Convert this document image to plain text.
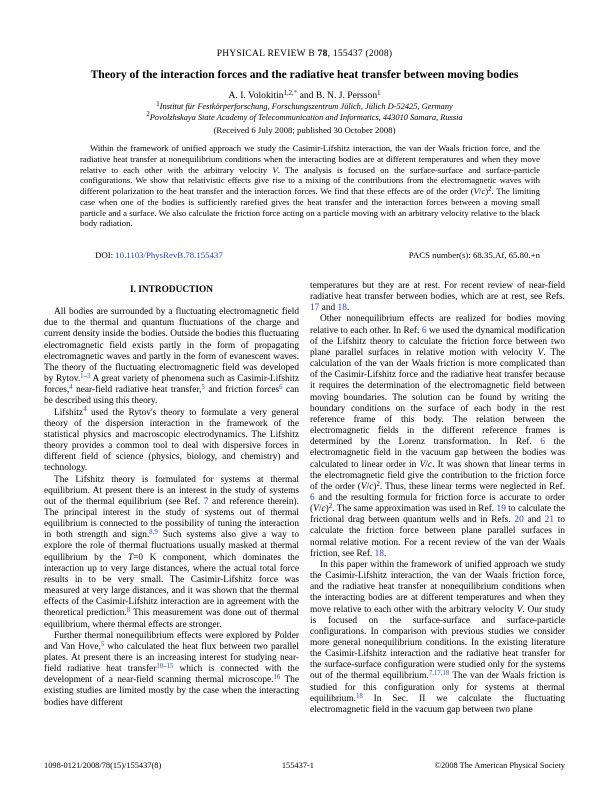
PHYSICAL REVIEW B 78, 155437 (2008)
Theory of the interaction forces and the radiative heat transfer between moving bodies
A. I. Volokitin$^{1,2,*}$ and B. N. J. Persson$^1$
$^1$Institut für Festkörperforschung, Forschungszentrum Jülich, Jülich D-52425, Germany
$^2$Povolzhskaya State Academy of Telecommunication and Informatics, 443010 Samara, Russia
(Received 6 July 2008; published 30 October 2008)
Within the framework of unified approach we study the Casimir-Lifshitz interaction, the van der Waals friction force, and the radiative heat transfer at nonequilibrium conditions when the interacting bodies are at different temperatures and when they move relative to each other with the arbitrary velocity V. The analysis is focused on the surface-surface and surface-particle configurations. We show that relativistic effects give rise to a mixing of the contributions from the electromagnetic waves with different polarization to the heat transfer and the interaction forces. We find that these effects are of the order $(V/c)^2$. The limiting case when one of the bodies is sufficiently rarefied gives the heat transfer and the interaction forces between a moving small particle and a surface. We also calculate the friction force acting on a particle moving with an arbitrary velocity relative to the black body radiation.
DOI: 10.1103/PhysRevB.78.155437	PACS number(s): 68.35.Af, 65.80.+n
I. INTRODUCTION

All bodies are surrounded by a fluctuating electromagnetic field due to the thermal and quantum fluctuations of the charge and current density inside the bodies. Outside the bodies this fluctuating electromagnetic field exists partly in the form of propagating electromagnetic waves and partly in the form of evanescent waves. The theory of the fluctuating electromagnetic field was developed by Rytov.$^{1-3}$ A great variety of phenomena such as Casimir-Lifshitz forces,$^4$ near-field radiative heat transfer,$^5$ and friction forces$^6$ can be described using this theory.

Lifshitz$^4$ used the Rytov's theory to formulate a very general theory of the dispersion interaction in the framework of the statistical physics and macroscopic electrodynamics. The Lifshitz theory provides a common tool to deal with dispersive forces in different field of science (physics, biology, and chemistry) and technology.

The Lifshitz theory is formulated for systems at thermal equilibrium. At present there is an interest in the study of systems out of the thermal equilibrium (see Ref. 7 and reference therein). The principal interest in the study of systems out of thermal equilibrium is connected to the possibility of tuning the interaction in both strength and sign.$^{8,9}$ Such systems also give a way to explore the role of thermal fluctuations usually masked at thermal equilibrium by the T=0 K component, which dominates the interaction up to very large distances, where the actual total force results in to be very small. The Casimir-Lifshitz force was measured at very large distances, and it was shown that the thermal effects of the Casimir-Lifshitz interaction are in agreement with the theoretical prediction.$^8$ This measurement was done out of thermal equilibrium, where thermal effects are stronger.

Further thermal nonequilibrium effects were explored by Polder and Van Hove,$^5$ who calculated the heat flux between two parallel plates. At present there is an increasing interest for studying near-field radiative heat transfer$^{10-15}$ which is connected with the development of a near-field scanning thermal microscope.$^{16}$ The existing studies are limited mostly by the case when the interacting bodies have different

temperatures but they are at rest. For recent review of near-field radiative heat transfer between bodies, which are at rest, see Refs. 17 and 18.

Other nonequilibrium effects are realized for bodies moving relative to each other. In Ref. 6 we used the dynamical modification of the Lifshitz theory to calculate the friction force between two plane parallel surfaces in relative motion with velocity V. The calculation of the van der Waals friction is more complicated than of the Casimir-Lifshitz force and the radiative heat transfer because it requires the determination of the electromagnetic field between moving boundaries. The solution can be found by writing the boundary conditions on the surface of each body in the rest reference frame of this body. The relation between the electromagnetic fields in the different reference frames is determined by the Lorenz transformation. In Ref. 6 the electromagnetic field in the vacuum gap between the bodies was calculated to linear order in V/c. It was shown that linear terms in the electromagnetic field give the contribution to the friction force of the order $(V/c)^2$. Thus, these linear terms were neglected in Ref. 6 and the resulting formula for friction force is accurate to order $(V/c)^2$. The same approximation was used in Ref. 19 to calculate the frictional drag between quantum wells and in Refs. 20 and 21 to calculate the friction force between plane parallel surfaces in normal relative motion. For a recent review of the van der Waals friction, see Ref. 18.

In this paper within the framework of unified approach we study the Casimir-Lifshitz interaction, the van der Waals friction force, and the radiative heat transfer at nonequilibrium conditions when the interacting bodies are at different temperatures and when they move relative to each other with the arbitrary velocity V. Our study is focused on the surface-surface and surface-particle configurations. In comparison with previous studies we consider more general nonequilibrium conditions. In the existing literature the Casimir-Lifshitz interaction and the radiative heat transfer for the surface-surface configuration were studied only for the systems out of the thermal equilibrium.$^{7,17,18}$ The van der Waals friction is studied for this configuration only for systems at thermal equilibrium.$^{18}$ In Sec. II we calculate the fluctuating electromagnetic field in the vacuum gap between two plane

1098-0121/2008/78(15)/155437(8)	155437-1	©2008 The American Physical Society
